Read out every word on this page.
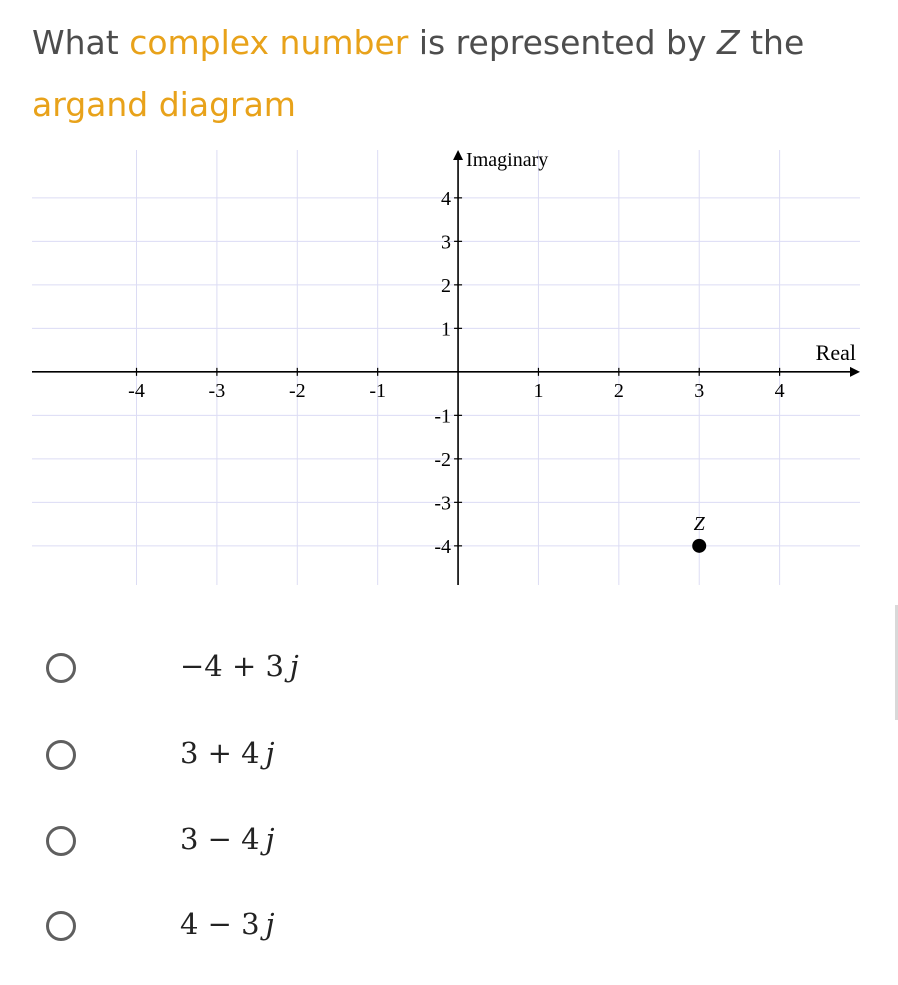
What complex number is represented by Z the argand diagram
Real
Imaginary
-4	-3	-2	-1	1	2	3	4
-4
-3
-2
-1
1
2
3
4
Z
−4 + 3 j
3 + 4 j
3 − 4 j
4 − 3 j
